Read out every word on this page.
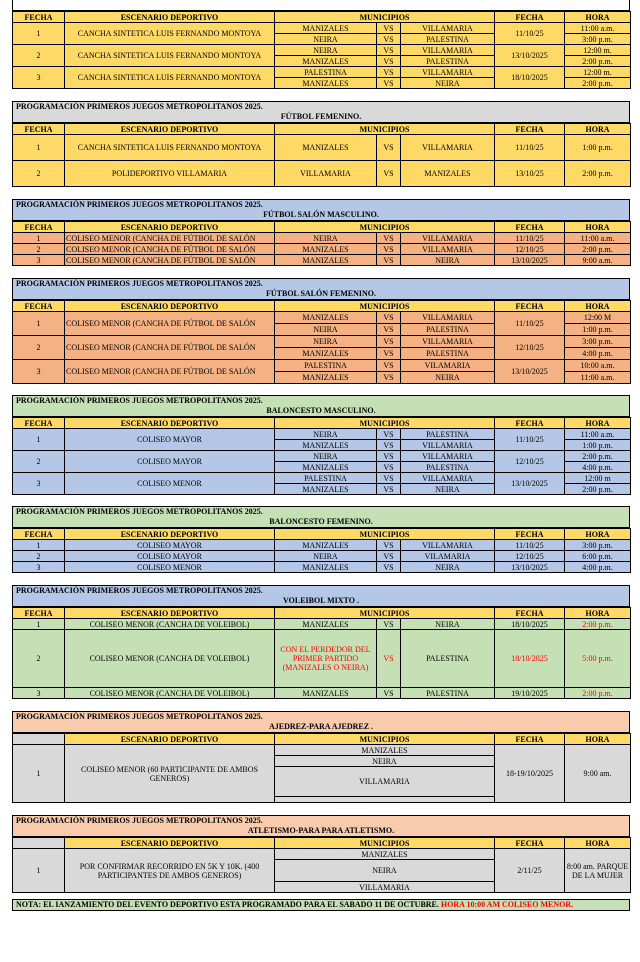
FECHA	ESCENARIO DEPORTIVO	MUNICIPIOS			FECHA	HORA
1	CANCHA SINTETICA LUIS FERNANDO MONTOYA	MANIZALES	VS	VILLAMARIA	11/10/25	11:00 a.m.
		NEIRA	VS	PALESTINA		3:00 p.m.
2	CANCHA SINTETICA LUIS FERNANDO MONTOYA	NEIRA	VS	VILLAMARIA	13/10/2025	12:00 m.
		MANIZALES	VS	PALESTINA		2:00 p.m.
3	CANCHA SINTETICA LUIS FERNANDO MONTOYA	PALESTINA	VS	VILLAMARIA	18/10/2025	12:00 m.
		MANIZALES	VS	NEIRA		2:00 p.m.
PROGRAMACIÓN PRIMEROS JUEGOS METROPOLITANOS 2025.
FÚTBOL FEMENINO.
FECHA	ESCENARIO DEPORTIVO	MUNICIPIOS			FECHA	HORA
1	CANCHA SINTETICA LUIS FERNANDO MONTOYA	MANIZALES	VS	VILLAMARIA	11/10/25	1:00 p.m.
2	POLIDEPORTIVO VILLAMARIA	VILLAMARIA	VS	MANIZALES	13/10/25	2:00 p.m.
PROGRAMACIÓN PRIMEROS JUEGOS METROPOLITANOS 2025.
FÚTBOL SALÓN MASCULINO.
FECHA	ESCENARIO DEPORTIVO	MUNICIPIOS			FECHA	HORA
1	COLISEO MENOR (CANCHA DE FÚTBOL DE SALÓN	NEIRA	VS	VILLAMARIA	11/10/25	11:00 a.m.
2	COLISEO MENOR (CANCHA DE FÚTBOL DE SALÓN	MANIZALES	VS	VILLAMARIA	12/10/25	2:00 p.m.
3	COLISEO MENOR (CANCHA DE FÚTBOL DE SALÓN	MANIZALES	VS	NEIRA	13/10/2025	9:00 a.m.
PROGRAMACIÓN PRIMEROS JUEGOS METROPOLITANOS 2025.
FÚTBOL SALÓN FEMENINO.
FECHA	ESCENARIO DEPORTIVO	MUNICIPIOS			FECHA	HORA
1	COLISEO MENOR (CANCHA DE FÚTBOL DE SALÓN	MANIZALES	VS	VILLAMARIA	11/10/25	12:00 M
		NEIRA	VS	PALESTINA		1:00 p.m.
2	COLISEO MENOR (CANCHA DE FÚTBOL DE SALÓN	NEIRA	VS	VILLAMARIA	12/10/25	3:00 p.m.
		MANIZALES	VS	PALESTINA		4:00 p.m.
3	COLISEO MENOR (CANCHA DE FÚTBOL DE SALÓN	PALESTINA	VS	VILAMARIA	13/10/2025	10:00 a.m.
		MANIZALES	VS	NEIRA		11:00 a.m.
PROGRAMACIÓN PRIMEROS JUEGOS METROPOLITANOS 2025.
BALONCESTO MASCULINO.
FECHA	ESCENARIO DEPORTIVO	MUNICIPIOS			FECHA	HORA
1	COLISEO MAYOR	NEIRA	VS	PALESTINA	11/10/25	11:00 a.m.
		MANIZALES	VS	VILLAMARIA		1:00 p.m.
2	COLISEO MAYOR	NEIRA	VS	VILLAMARIA	12/10/25	2:00 p.m.
		MANIZALES	VS	PALESTINA		4:00 p.m.
3	COLISEO MENOR	PALESTINA	VS	VILLAMARIA	13/10/2025	12:00 m
		MANIZALES	VS	NEIRA		2:00 p.m.
PROGRAMACIÓN PRIMEROS JUEGOS METROPOLITANOS 2025.
BALONCESTO FEMENINO.
FECHA	ESCENARIO DEPORTIVO	MUNICIPIOS			FECHA	HORA
1	COLISEO MAYOR	MANIZALES	VS	VILLAMARIA	11/10/25	3:00 p.m.
2	COLISEO MAYOR	NEIRA	VS	VILAMARIA	12/10/25	6:00 p.m.
3	COLISEO MENOR	MANIZALES	VS	NEIRA	13/10/2025	4:00 p.m.
PROGRAMACIÓN PRIMEROS JUEGOS METROPOLITANOS 2025.
VOLEIBOL MIXTO .
FECHA	ESCENARIO DEPORTIVO	MUNICIPIOS			FECHA	HORA
1	COLISEO MENOR (CANCHA DE VOLEIBOL)	MANIZALES	VS	NEIRA	18/10/2025	2:00 p.m.
2	COLISEO MENOR (CANCHA DE VOLEIBOL)	CON EL PERDEDOR DEL PRIMER PARTIDO (MANIZALES O NEIRA)	VS	PALESTINA	18/10/2025	5:00 p.m.
3	COLISEO MENOR (CANCHA DE VOLEIBOL)	MANIZALES	VS	PALESTINA	19/10/2025	2:00 p.m.
PROGRAMACIÓN PRIMEROS JUEGOS METROPOLITANOS 2025.
AJEDREZ-PARA AJEDREZ .
	ESCENARIO DEPORTIVO	MUNICIPIOS	FECHA	HORA
1	COLISEO MENOR (60 PARTICIPANTE DE AMBOS GENEROS)	MANIZALES	18-19/10/2025	9:00 am.
		NEIRA		
		VILLAMARIA		

PROGRAMACIÓN PRIMEROS JUEGOS METROPOLITANOS 2025.
ATLETISMO-PARA PARA ATLETISMO.
	ESCENARIO DEPORTIVO	MUNICIPIOS	FECHA	HORA
1	POR CONFIRMAR RECORRIDO EN 5K Y 10K. (400 PARTICIPANTES DE AMBOS GENEROS)	MANIZALES	2/11/25	8:00 am. PARQUE DE LA MUJER
		NEIRA		
		VILLAMARIA		
NOTA: EL IANZAMIENTO DEL EVENTO DEPORTIVO ESTA PROGRAMADO PARA EL SABADO 11 DE OCTUBRE. HORA 10:00 AM COLISEO MENOR.
